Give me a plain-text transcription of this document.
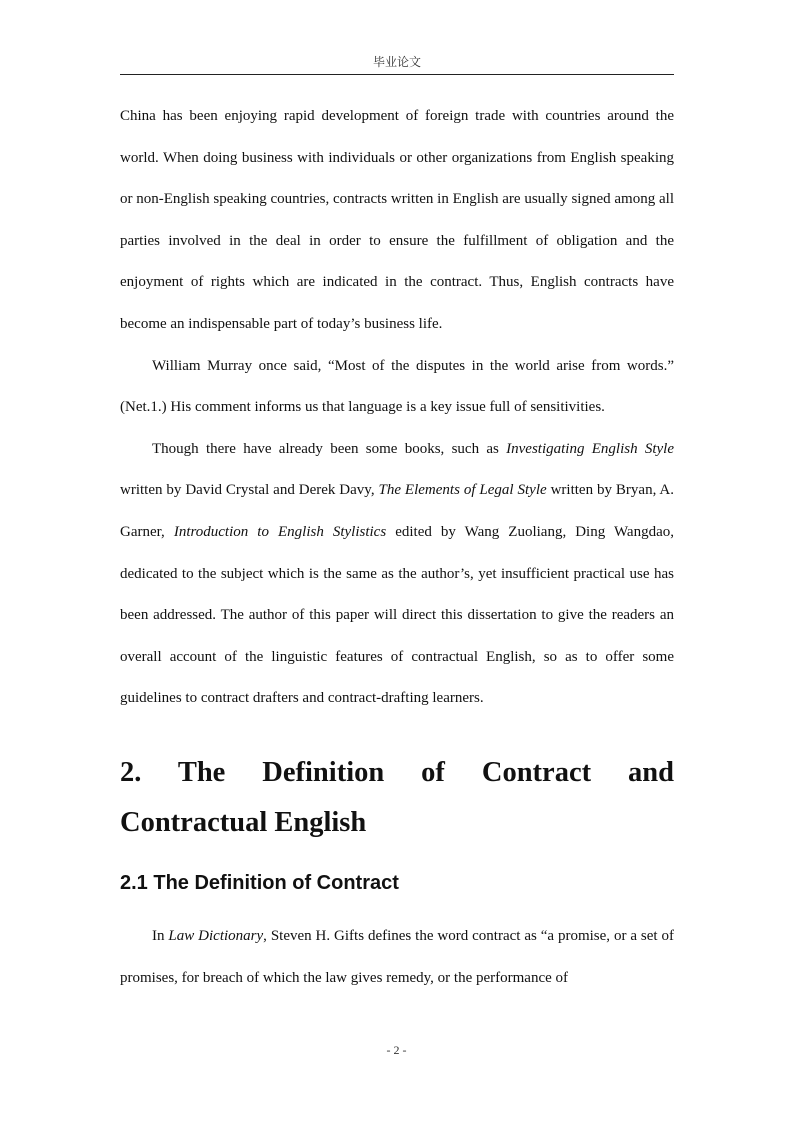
毕业论文

China has been enjoying rapid development of foreign trade with countries around the world. When doing business with individuals or other organizations from English speaking or non-English speaking countries, contracts written in English are usually signed among all parties involved in the deal in order to ensure the fulfillment of obligation and the enjoyment of rights which are indicated in the contract. Thus, English contracts have become an indispensable part of today’s business life.

William Murray once said, “Most of the disputes in the world arise from words.” (Net.1.) His comment informs us that language is a key issue full of sensitivities.

Though there have already been some books, such as Investigating English Style written by David Crystal and Derek Davy, The Elements of Legal Style written by Bryan, A. Garner, Introduction to English Stylistics edited by Wang Zuoliang, Ding Wangdao, dedicated to the subject which is the same as the author’s, yet insufficient practical use has been addressed. The author of this paper will direct this dissertation to give the readers an overall account of the linguistic features of contractual English, so as to offer some guidelines to contract drafters and contract-drafting learners.

2. The Definition of Contract and
Contractual English
2.1 The Definition of Contract

In Law Dictionary, Steven H. Gifts defines the word contract as “a promise, or a set of promises, for breach of which the law gives remedy, or the performance of

- 2 -
